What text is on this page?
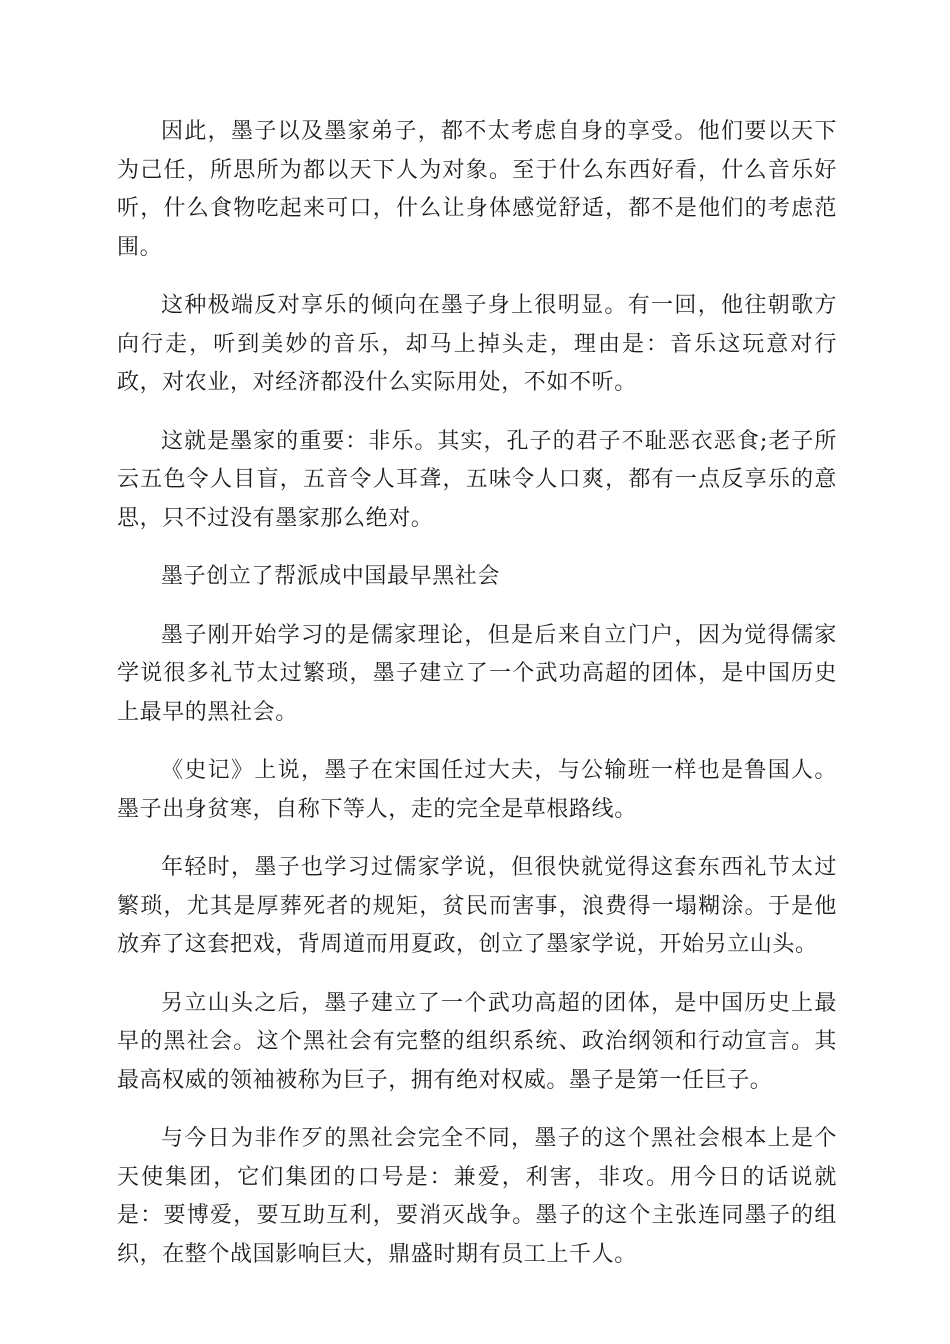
因此，墨子以及墨家弟子，都不太考虑自身的享受。他们要以天下为己任，所思所为都以天下人为对象。至于什么东西好看，什么音乐好听，什么食物吃起来可口，什么让身体感觉舒适，都不是他们的考虑范围。

这种极端反对享乐的倾向在墨子身上很明显。有一回，他往朝歌方向行走，听到美妙的音乐，却马上掉头走，理由是：音乐这玩意对行政，对农业，对经济都没什么实际用处，不如不听。

这就是墨家的重要：非乐。其实，孔子的君子不耻恶衣恶食;老子所云五色令人目盲，五音令人耳聋，五味令人口爽，都有一点反享乐的意思，只不过没有墨家那么绝对。

墨子创立了帮派成中国最早黑社会

墨子刚开始学习的是儒家理论，但是后来自立门户，因为觉得儒家学说很多礼节太过繁琐，墨子建立了一个武功高超的团体，是中国历史上最早的黑社会。

《史记》上说，墨子在宋国任过大夫，与公输班一样也是鲁国人。墨子出身贫寒，自称下等人，走的完全是草根路线。

年轻时，墨子也学习过儒家学说，但很快就觉得这套东西礼节太过繁琐，尤其是厚葬死者的规矩，贫民而害事，浪费得一塌糊涂。于是他放弃了这套把戏，背周道而用夏政，创立了墨家学说，开始另立山头。

另立山头之后，墨子建立了一个武功高超的团体，是中国历史上最早的黑社会。这个黑社会有完整的组织系统、政治纲领和行动宣言。其最高权威的领袖被称为巨子，拥有绝对权威。墨子是第一任巨子。

与今日为非作歹的黑社会完全不同，墨子的这个黑社会根本上是个天使集团，它们集团的口号是：兼爱，利害，非攻。用今日的话说就是：要博爱，要互助互利，要消灭战争。墨子的这个主张连同墨子的组织，在整个战国影响巨大，鼎盛时期有员工上千人。
